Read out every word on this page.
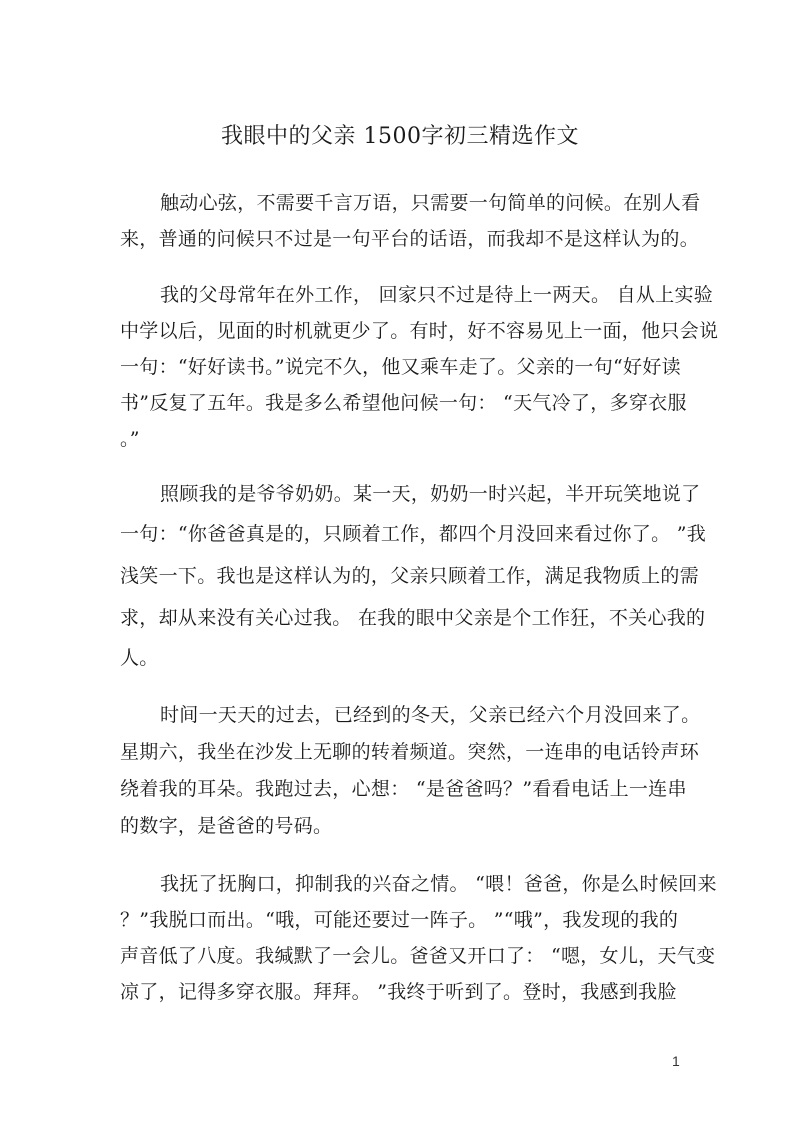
我眼中的父亲 1500字初三精选作文
触动心弦，不需要千言万语，只需要一句简单的问候。在别人看
来，普通的问候只不过是一句平台的话语，而我却不是这样认为的。
我的父母常年在外工作， 回家只不过是待上一两天。 自从上实验
中学以后，见面的时机就更少了。有时，好不容易见上一面，他只会说
一句：“好好读书。”说完不久，他又乘车走了。父亲的一句“好好读
书”反复了五年。我是多么希望他问候一句： “天气冷了，多穿衣服
。”
照顾我的是爷爷奶奶。某一天，奶奶一时兴起，半开玩笑地说了
一句：“你爸爸真是的，只顾着工作，都四个月没回来看过你了。 ”我
浅笑一下。我也是这样认为的，父亲只顾着工作，满足我物质上的需
求，却从来没有关心过我。 在我的眼中父亲是个工作狂，不关心我的
人。
时间一天天的过去，已经到的冬天，父亲已经六个月没回来了。
星期六，我坐在沙发上无聊的转着频道。突然，一连串的电话铃声环
绕着我的耳朵。我跑过去，心想： “是爸爸吗？”看看电话上一连串
的数字，是爸爸的号码。
我抚了抚胸口，抑制我的兴奋之情。 “喂！爸爸，你是么时候回来
？”我脱口而出。“哦，可能还要过一阵子。 ”“哦”，我发现的我的
声音低了八度。我缄默了一会儿。爸爸又开口了： “嗯，女儿，天气变
凉了，记得多穿衣服。拜拜。 ”我终于听到了。登时，我感到我脸
1
